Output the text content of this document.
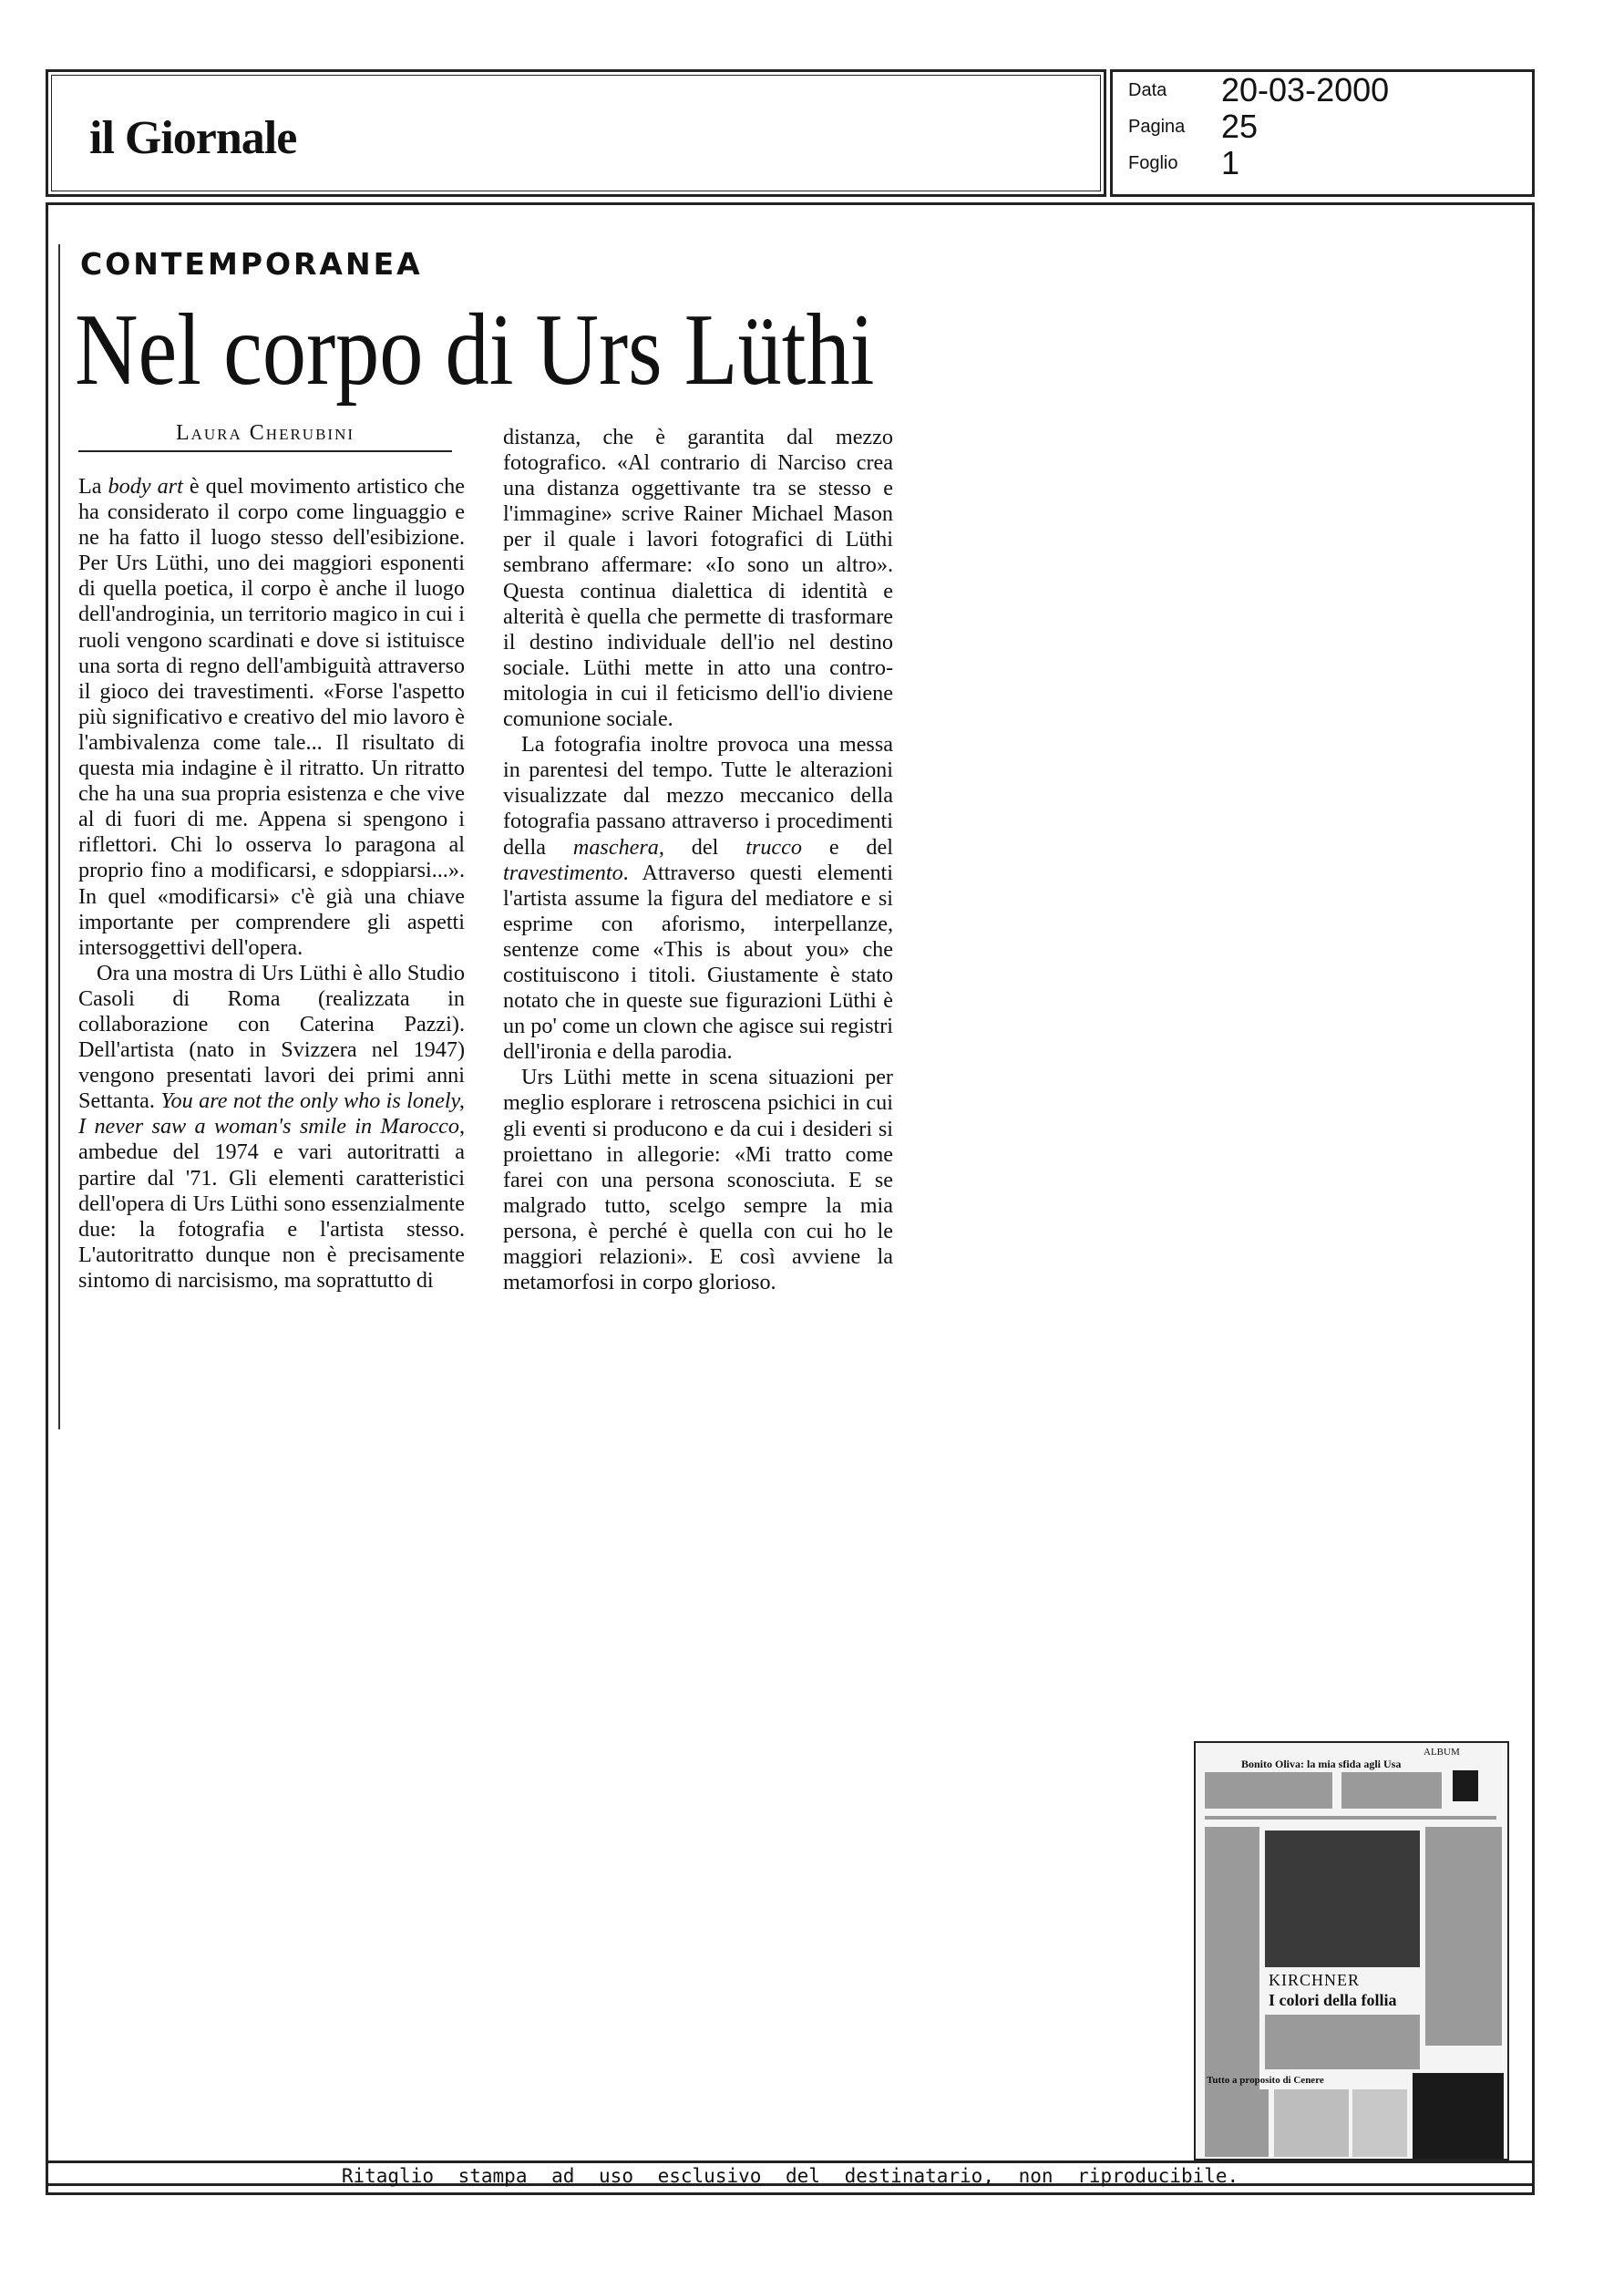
il Giornale
Data 20-03-2000
Pagina 25
Foglio 1
CONTEMPORANEA
Nel corpo di Urs Lüthi
Laura Cherubini

La body art è quel movimento artistico che ha considerato il corpo come linguaggio e ne ha fatto il luogo stesso dell'esibizione. Per Urs Lüthi, uno dei maggiori esponenti di quella poetica, il corpo è anche il luogo dell'androginia, un territorio magico in cui i ruoli vengono scardinati e dove si istituisce una sorta di regno dell'ambiguità attraverso il gioco dei travestimenti. «Forse l'aspetto più significativo e creativo del mio lavoro è l'ambivalenza come tale... Il risultato di questa mia indagine è il ritratto. Un ritratto che ha una sua propria esistenza e che vive al di fuori di me. Appena si spengono i riflettori. Chi lo osserva lo paragona al proprio fino a modificarsi, e sdoppiarsi...». In quel «modificarsi» c'è già una chiave importante per comprendere gli aspetti intersoggettivi dell'opera.

Ora una mostra di Urs Lüthi è allo Studio Casoli di Roma (realizzata in collaborazione con Caterina Pazzi). Dell'artista (nato in Svizzera nel 1947) vengono presentati lavori dei primi anni Settanta. You are not the only who is lonely, I never saw a woman's smile in Marocco, ambedue del 1974 e vari autoritratti a partire dal '71. Gli elementi caratteristici dell'opera di Urs Lüthi sono essenzialmente due: la fotografia e l'artista stesso. L'autoritratto dunque non è precisamente sintomo di narcisismo, ma soprattutto di

distanza, che è garantita dal mezzo fotografico. «Al contrario di Narciso crea una distanza oggettivante tra se stesso e l'immagine» scrive Rainer Michael Mason per il quale i lavori fotografici di Lüthi sembrano affermare: «Io sono un altro». Questa continua dialettica di identità e alterità è quella che permette di trasformare il destino individuale dell'io nel destino sociale. Lüthi mette in atto una contro-mitologia in cui il feticismo dell'io diviene comunione sociale.

La fotografia inoltre provoca una messa in parentesi del tempo. Tutte le alterazioni visualizzate dal mezzo meccanico della fotografia passano attraverso i procedimenti della maschera, del trucco e del travestimento. Attraverso questi elementi l'artista assume la figura del mediatore e si esprime con aforismo, interpellanze, sentenze come «This is about you» che costituiscono i titoli. Giustamente è stato notato che in queste sue figurazioni Lüthi è un po' come un clown che agisce sui registri dell'ironia e della parodia.

Urs Lüthi mette in scena situazioni per meglio esplorare i retroscena psichici in cui gli eventi si producono e da cui i desideri si proiettano in allegorie: «Mi tratto come farei con una persona sconosciuta. E se malgrado tutto, scelgo sempre la mia persona, è perché è quella con cui ho le maggiori relazioni». E così avviene la metamorfosi in corpo glorioso.

Bonito Oliva: la mia sfida agli Usa
ALBUM
KIRCHNER
I colori della follia
Tutto a proposito di Cenere
Ritaglio stampa ad uso esclusivo del destinatario, non riproducibile.
